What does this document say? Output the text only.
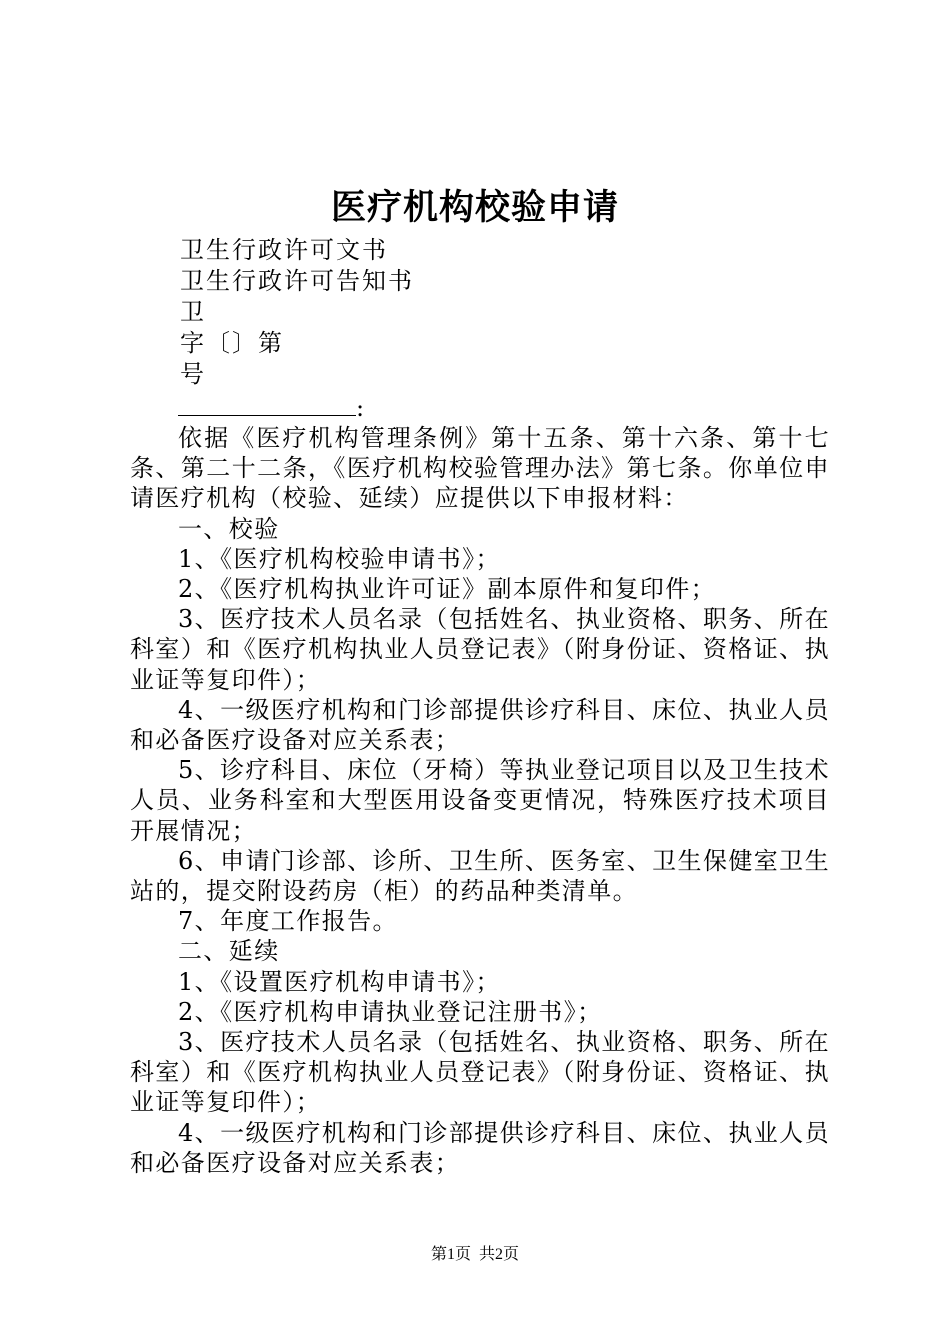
医疗机构校验申请
卫生行政许可文书
卫生行政许可告知书
卫
字〔〕第
号
:

依据《医疗机构管理条例》第十五条、第十六条、第十七条、第二十二条，《医疗机构校验管理办法》第七条。你单位申请医疗机构（校验、延续）应提供以下申报材料：

一、校验

1、《医疗机构校验申请书》；

2、《医疗机构执业许可证》副本原件和复印件；

3、医疗技术人员名录（包括姓名、执业资格、职务、所在科室）和《医疗机构执业人员登记表》（附身份证、资格证、执业证等复印件）；

4、一级医疗机构和门诊部提供诊疗科目、床位、执业人员和必备医疗设备对应关系表；

5、诊疗科目、床位（牙椅）等执业登记项目以及卫生技术人员、业务科室和大型医用设备变更情况，特殊医疗技术项目开展情况；

6、申请门诊部、诊所、卫生所、医务室、卫生保健室卫生站的，提交附设药房（柜）的药品种类清单。

7、年度工作报告。

二、延续

1、《设置医疗机构申请书》；

2、《医疗机构申请执业登记注册书》；

3、医疗技术人员名录（包括姓名、执业资格、职务、所在科室）和《医疗机构执业人员登记表》（附身份证、资格证、执业证等复印件）；

4、一级医疗机构和门诊部提供诊疗科目、床位、执业人员和必备医疗设备对应关系表；

第1页 共2页
